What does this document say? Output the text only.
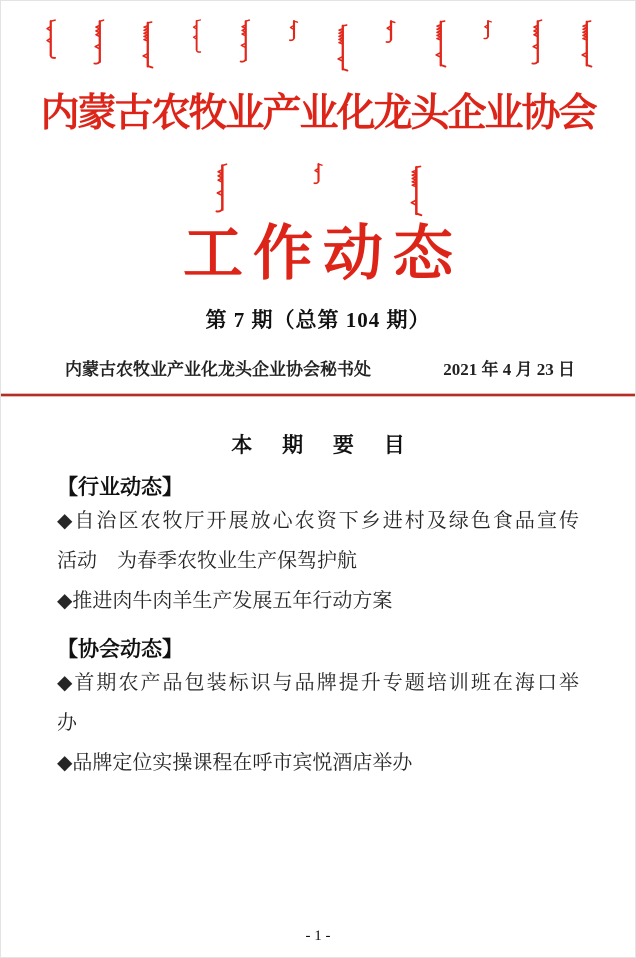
内蒙古农牧业产业化龙头企业协会
工作动态
第 7 期（总第 104 期）
内蒙古农牧业产业化龙头企业协会秘书处	2021 年 4 月 23 日
本 期 要 目
【行业动态】

◆自治区农牧厅开展放心农资下乡进村及绿色食品宣传

活动　为春季农牧业生产保驾护航

◆推进肉牛肉羊生产发展五年行动方案

【协会动态】

◆首期农产品包装标识与品牌提升专题培训班在海口举

办

◆品牌定位实操课程在呼市宾悦酒店举办

- 1 -
